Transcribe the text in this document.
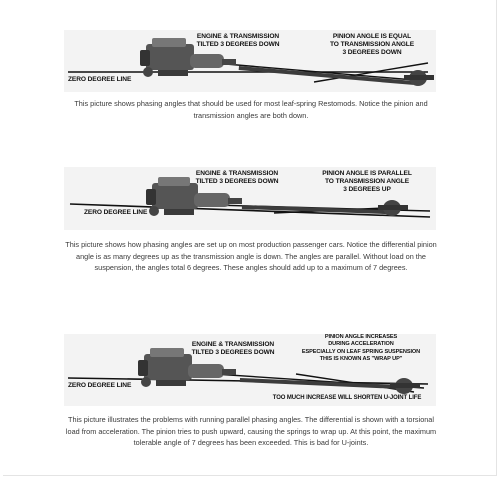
ENGINE & TRANSMISSION
TILTED 3 DEGREES DOWN
PINION ANGLE IS EQUAL
TO TRANSMISSION ANGLE
3 DEGREES DOWN
ZERO DEGREE LINE

This picture shows phasing angles that should be used for most leaf-spring Restomods. Notice the pinion and transmission angles are both down.

ENGINE & TRANSMISSION
TILTED 3 DEGREES DOWN
PINION ANGLE IS PARALLEL
TO TRANSMISSION ANGLE
3 DEGREES UP
ZERO DEGREE LINE

This picture shows how phasing angles are set up on most production passenger cars. Notice the differential pinion angle is as many degrees up as the transmission angle is down. The angles are parallel. Without load on the suspension, the angles total 6 degrees. These angles should add up to a maximum of 7 degrees.

ENGINE & TRANSMISSION
TILTED 3 DEGREES DOWN
PINION ANGLE INCREASES
DURING ACCELERATION
ESPECIALLY ON LEAF SPRING SUSPENSION
THIS IS KNOWN AS "WRAP UP"
ZERO DEGREE LINE
TOO MUCH INCREASE WILL SHORTEN U-JOINT LIFE

This picture illustrates the problems with running parallel phasing angles. The differential is shown with a torsional load from acceleration. The pinion tries to push upward, causing the springs to wrap up. At this point, the maximum tolerable angle of 7 degrees has been exceeded. This is bad for U-joints.
